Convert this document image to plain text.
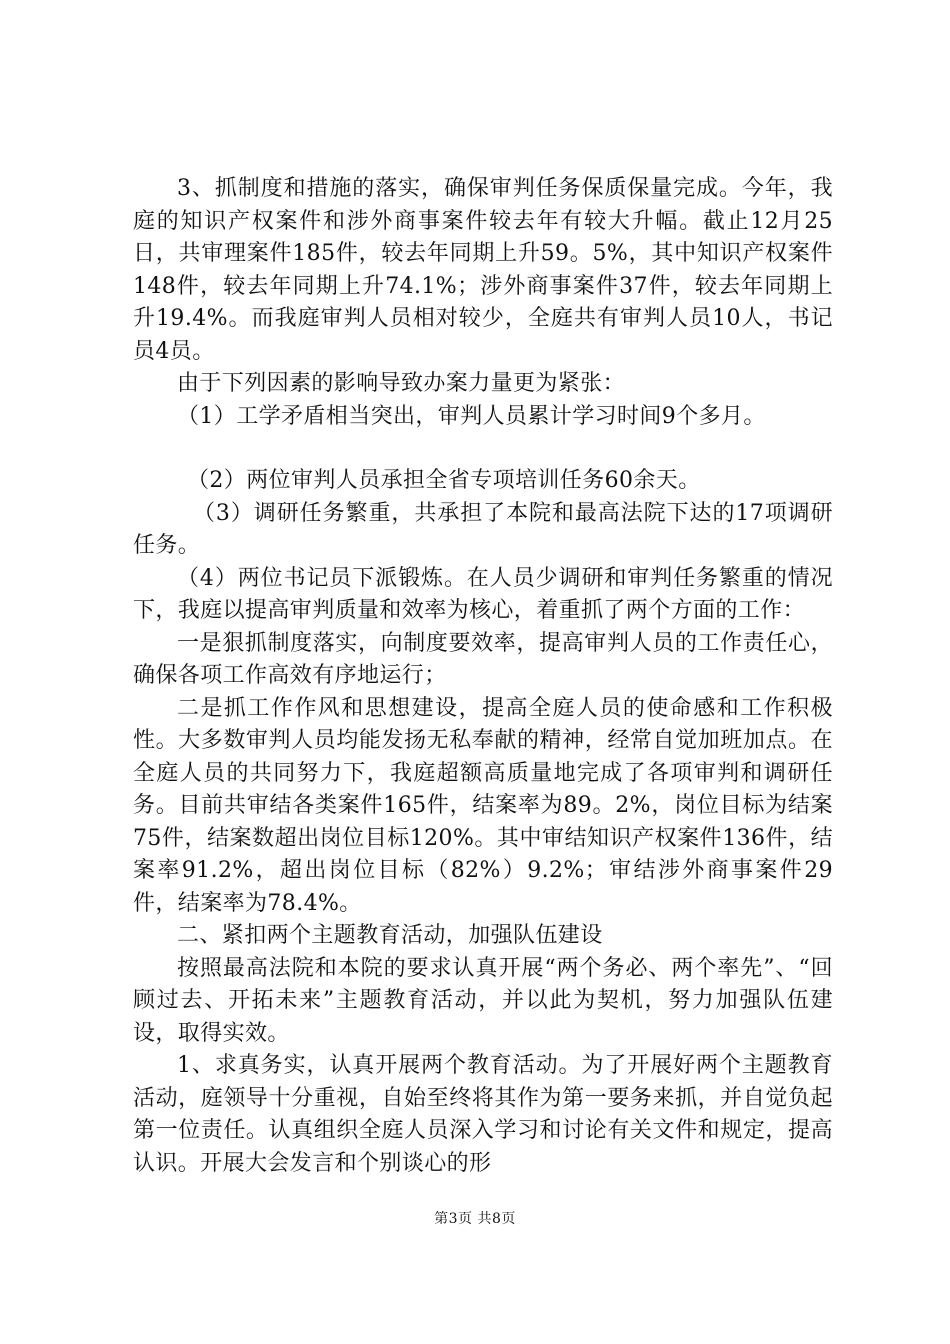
3、抓制度和措施的落实，确保审判任务保质保量完成。今年，我庭的知识产权案件和涉外商事案件较去年有较大升幅。截止12月25日，共审理案件185件，较去年同期上升59。5%，其中知识产权案件148件，较去年同期上升74.1%；涉外商事案件37件，较去年同期上升19.4%。而我庭审判人员相对较少，全庭共有审判人员10人，书记员4员。

由于下列因素的影响导致办案力量更为紧张：

（1）工学矛盾相当突出，审判人员累计学习时间9个多月。

（2）两位审判人员承担全省专项培训任务60余天。

（3）调研任务繁重，共承担了本院和最高法院下达的17项调研任务。

（4）两位书记员下派锻炼。在人员少调研和审判任务繁重的情况下，我庭以提高审判质量和效率为核心，着重抓了两个方面的工作：

一是狠抓制度落实，向制度要效率，提高审判人员的工作责任心，确保各项工作高效有序地运行；

二是抓工作作风和思想建设，提高全庭人员的使命感和工作积极性。大多数审判人员均能发扬无私奉献的精神，经常自觉加班加点。在全庭人员的共同努力下，我庭超额高质量地完成了各项审判和调研任务。目前共审结各类案件165件，结案率为89。2%，岗位目标为结案75件，结案数超出岗位目标120%。其中审结知识产权案件136件，结案率91.2%，超出岗位目标（82%）9.2%；审结涉外商事案件29件，结案率为78.4%。

二、紧扣两个主题教育活动，加强队伍建设

按照最高法院和本院的要求认真开展“两个务必、两个率先”、“回顾过去、开拓未来”主题教育活动，并以此为契机，努力加强队伍建设，取得实效。

1、求真务实，认真开展两个教育活动。为了开展好两个主题教育活动，庭领导十分重视，自始至终将其作为第一要务来抓，并自觉负起第一位责任。认真组织全庭人员深入学习和讨论有关文件和规定，提高认识。开展大会发言和个别谈心的形

第3页 共8页
